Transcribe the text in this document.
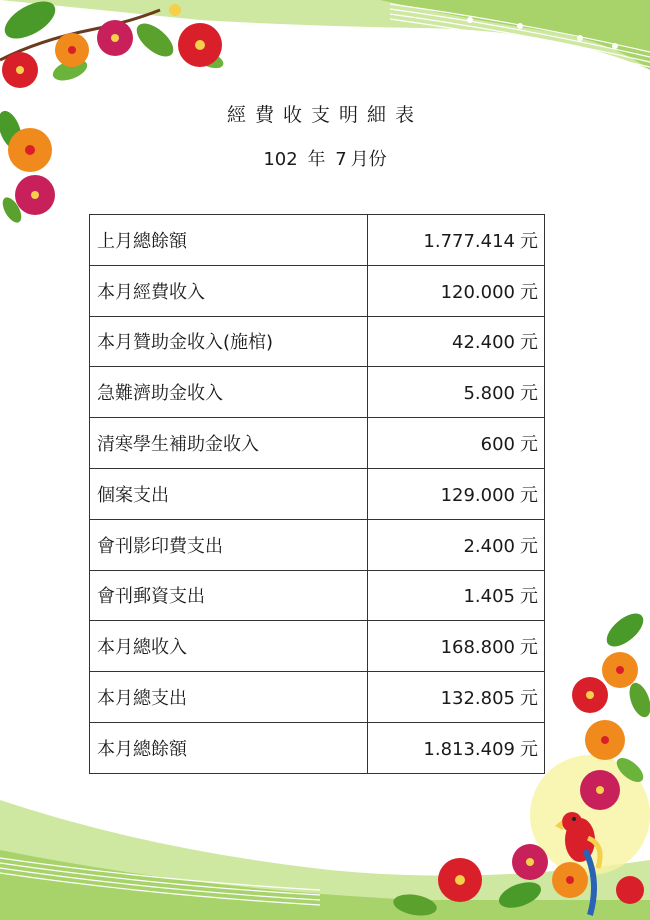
經費收支明細表
102 年 7 月份
上月總餘額	1.777.414 元
本月經費收入	120.000 元
本月贊助金收入(施棺)	42.400 元
急難濟助金收入	5.800 元
清寒學生補助金收入	600 元
個案支出	129.000 元
會刊影印費支出	2.400 元
會刊郵資支出	1.405 元
本月總收入	168.800 元
本月總支出	132.805 元
本月總餘額	1.813.409 元
